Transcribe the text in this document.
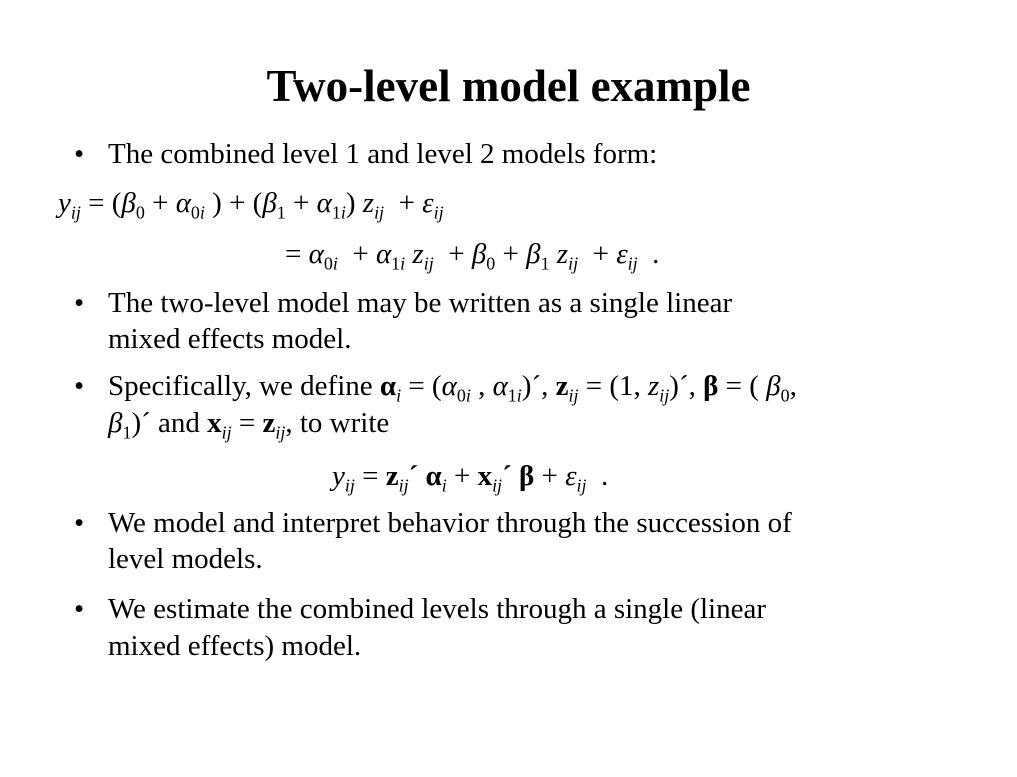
Two-level model example
• The combined level 1 and level 2 models form:
$y_{ij} = (\beta_0 + \alpha_{0i}$ ) + $(\beta_1 + \alpha_{1i}) z_{ij} + \varepsilon_{ij}$
= $\alpha_{0i} + \alpha_{1i}$ $z_{ij} + \beta_0 + \beta_1$ $z_{ij} + \varepsilon_{ij}$  .
• The two-level model may be written as a single linear
mixed effects model.
• Specifically, we define $\alpha_i = (\alpha_{0i}$ , $\alpha_{1i})´$, $z_{ij} = (1$, $z_{ij})´$, β = ( $\beta_0$,
$\beta_1)´$ and $x_{ij} = z_{ij}$, to write
$y_{ij}$ = $z_{ij}´$ $\alpha_i$ + $x_{ij}´$ $\beta + \varepsilon_{ij}$  .
• We model and interpret behavior through the succession of
level models.
• We estimate the combined levels through a single (linear
mixed effects) model.
